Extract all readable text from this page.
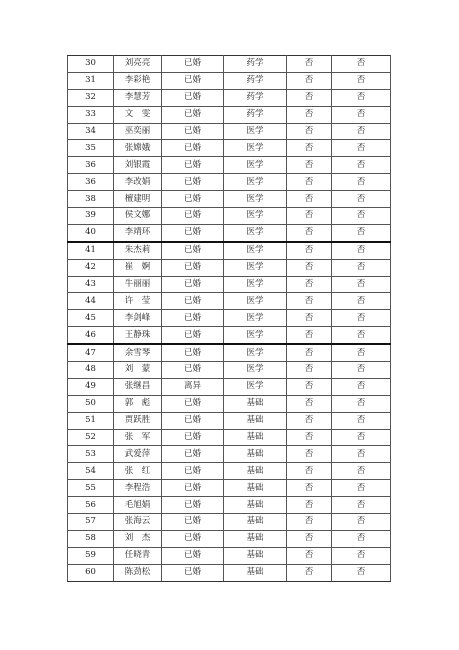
30	刘亮亮	已婚	药学	否	否
31	李彩艳	已婚	药学	否	否
32	李慧芳	已婚	药学	否	否
33	文　雯	已婚	药学	否	否
34	巫奕丽	已婚	医学	否	否
35	张嫦娥	已婚	医学	否	否
36	刘银霞	已婚	医学	否	否
36	李改娟	已婚	医学	否	否
38	檀建明	已婚	医学	否	否
39	侯文娜	已婚	医学	否	否
40	李靖环	已婚	医学	否	否
41	朱杰莉	已婚	医学	否	否
42	崔　婀	已婚	医学	否	否
43	牛丽丽	已婚	医学	否	否
44	许　莹	已婚	医学	否	否
45	李剑峰	已婚	医学	否	否
46	王静珠	已婚	医学	否	否
47	余雪琴	已婚	医学	否	否
48	刘　蒙	已婚	医学	否	否
49	张继昌	离异	医学	否	否
50	郭　彪	已婚	基础	否	否
51	贾跃胜	已婚	基础	否	否
52	张　军	已婚	基础	否	否
53	武爱萍	已婚	基础	否	否
54	张　红	已婚	基础	否	否
55	李程浩	已婚	基础	否	否
56	毛旭娟	已婚	基础	否	否
57	张海云	已婚	基础	否	否
58	刘　杰	已婚	基础	否	否
59	任晓青	已婚	基础	否	否
60	陈劲松	已婚	基础	否	否
